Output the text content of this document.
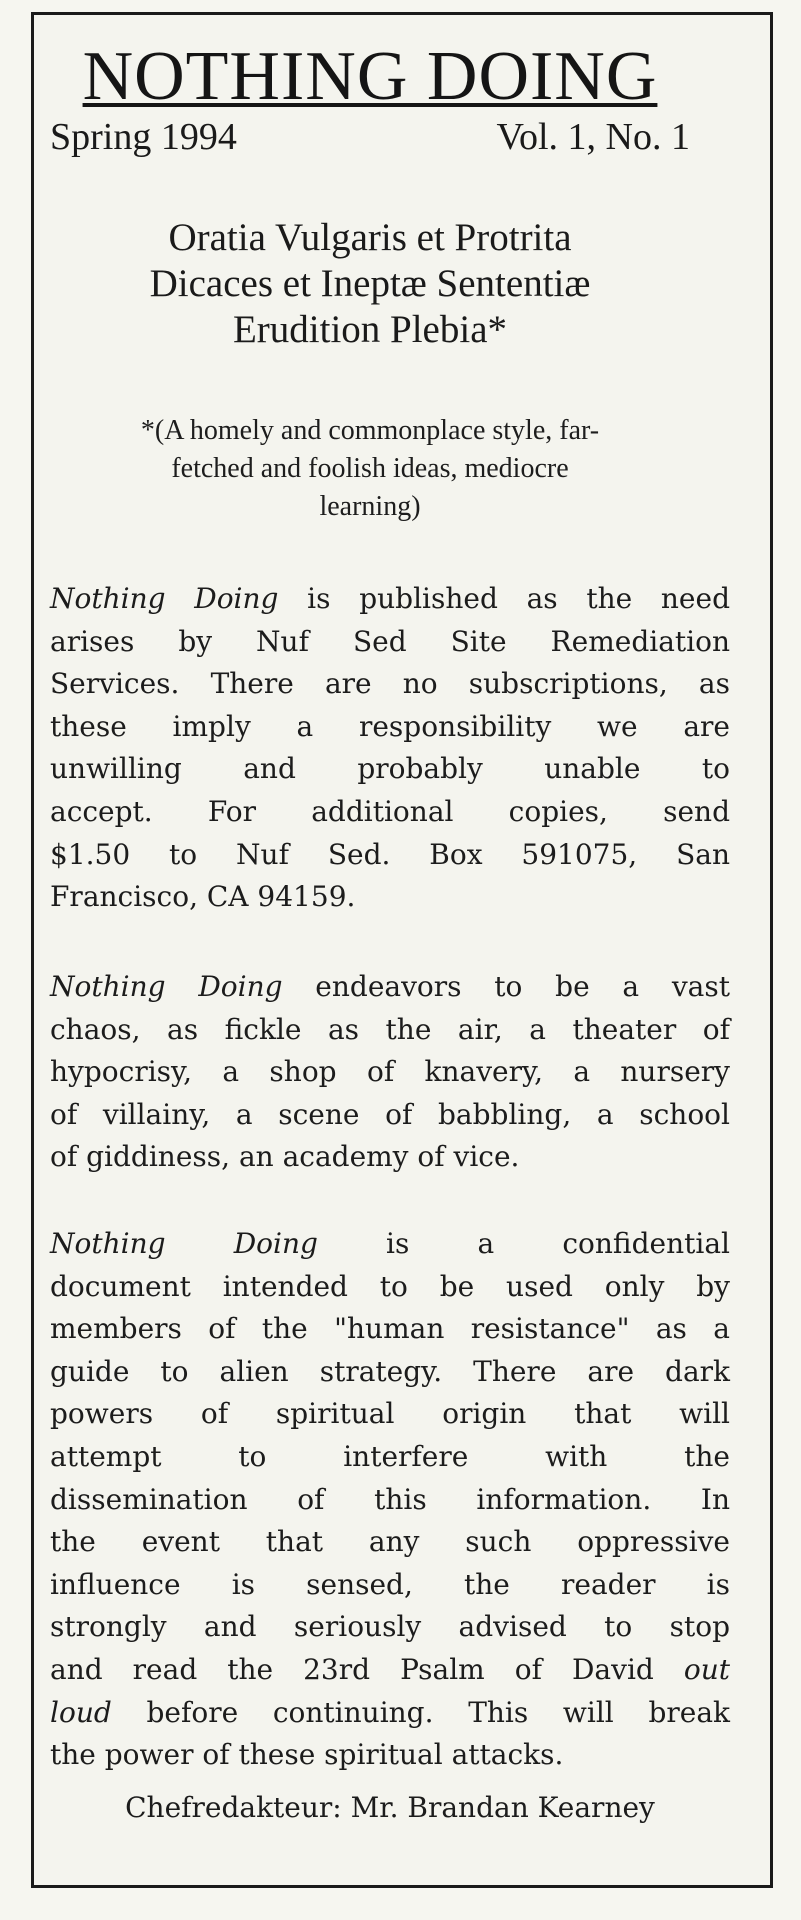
NOTHING DOING
Spring 1994	Vol. 1, No. 1
Oratia Vulgaris et Protrita
Dicaces et Ineptæ Sententiæ
Erudition Plebia*
*(A homely and commonplace style, far-
fetched and foolish ideas, mediocre
learning)
Nothing Doing is published as the need
arises by Nuf Sed Site Remediation
Services. There are no subscriptions, as
these imply a responsibility we are
unwilling and probably unable to
accept. For additional copies, send
$1.50 to Nuf Sed. Box 591075, San
Francisco, CA 94159.
Nothing Doing endeavors to be a vast
chaos, as fickle as the air, a theater of
hypocrisy, a shop of knavery, a nursery
of villainy, a scene of babbling, a school
of giddiness, an academy of vice.
Nothing Doing is a confidential
document intended to be used only by
members of the "human resistance" as a
guide to alien strategy. There are dark
powers of spiritual origin that will
attempt to interfere with the
dissemination of this information. In
the event that any such oppressive
influence is sensed, the reader is
strongly and seriously advised to stop
and read the 23rd Psalm of David out
loud before continuing. This will break
the power of these spiritual attacks.
Chefredakteur: Mr. Brandan Kearney
